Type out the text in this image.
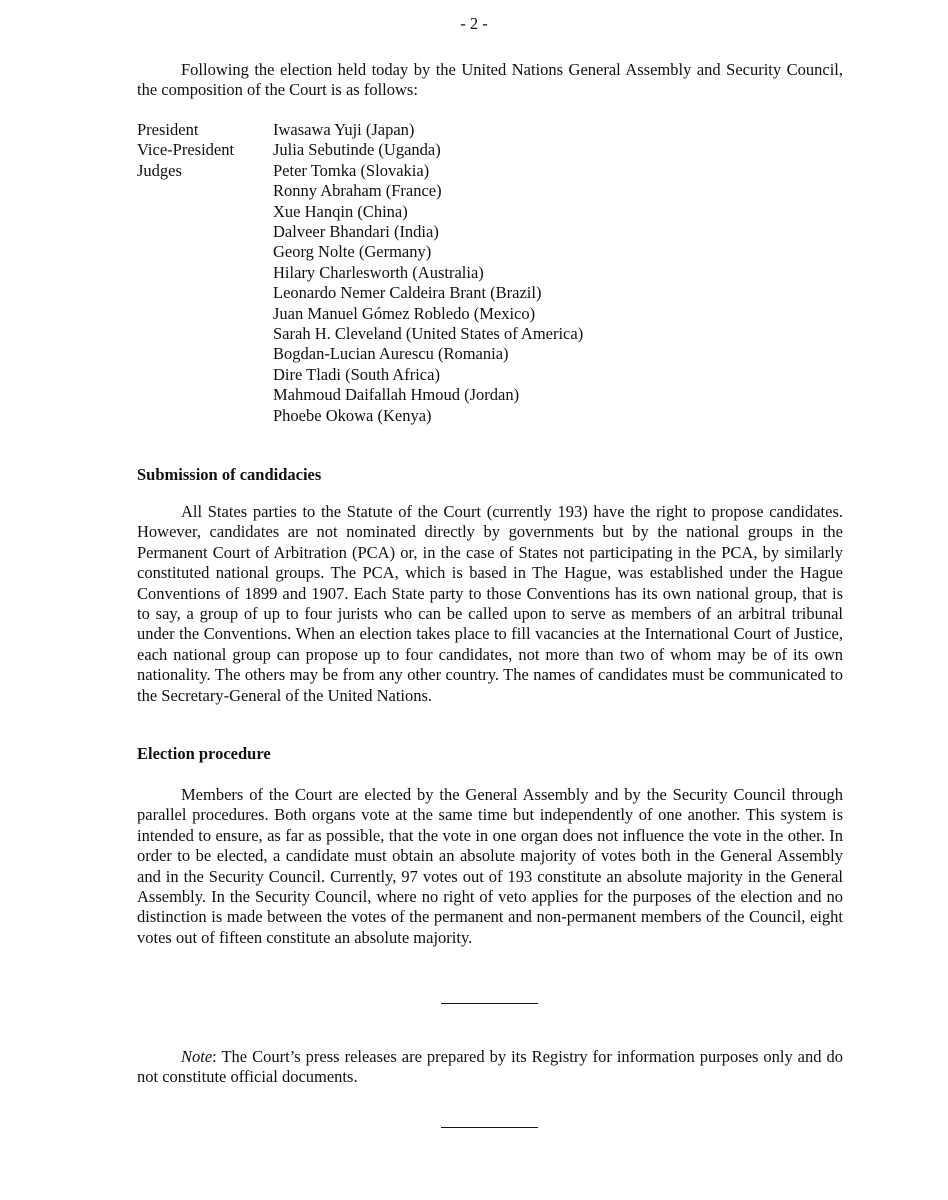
- 2 -

Following the election held today by the United Nations General Assembly and Security Council, the composition of the Court is as follows:

President
Vice-President
Judges
Iwasawa Yuji (Japan)
Julia Sebutinde (Uganda)
Peter Tomka (Slovakia)
Ronny Abraham (France)
Xue Hanqin (China)
Dalveer Bhandari (India)
Georg Nolte (Germany)
Hilary Charlesworth (Australia)
Leonardo Nemer Caldeira Brant (Brazil)
Juan Manuel Gómez Robledo (Mexico)
Sarah H. Cleveland (United States of America)
Bogdan-Lucian Aurescu (Romania)
Dire Tladi (South Africa)
Mahmoud Daifallah Hmoud (Jordan)
Phoebe Okowa (Kenya)
Submission of candidacies

All States parties to the Statute of the Court (currently 193) have the right to propose candidates. However, candidates are not nominated directly by governments but by the national groups in the Permanent Court of Arbitration (PCA) or, in the case of States not participating in the PCA, by similarly constituted national groups. The PCA, which is based in The Hague, was established under the Hague Conventions of 1899 and 1907. Each State party to those Conventions has its own national group, that is to say, a group of up to four jurists who can be called upon to serve as members of an arbitral tribunal under the Conventions. When an election takes place to fill vacancies at the International Court of Justice, each national group can propose up to four candidates, not more than two of whom may be of its own nationality. The others may be from any other country. The names of candidates must be communicated to the Secretary-General of the United Nations.

Election procedure

Members of the Court are elected by the General Assembly and by the Security Council through parallel procedures. Both organs vote at the same time but independently of one another. This system is intended to ensure, as far as possible, that the vote in one organ does not influence the vote in the other. In order to be elected, a candidate must obtain an absolute majority of votes both in the General Assembly and in the Security Council. Currently, 97 votes out of 193 constitute an absolute majority in the General Assembly. In the Security Council, where no right of veto applies for the purposes of the election and no distinction is made between the votes of the permanent and non-permanent members of the Council, eight votes out of fifteen constitute an absolute majority.

Note: The Court’s press releases are prepared by its Registry for information purposes only and do not constitute official documents.
